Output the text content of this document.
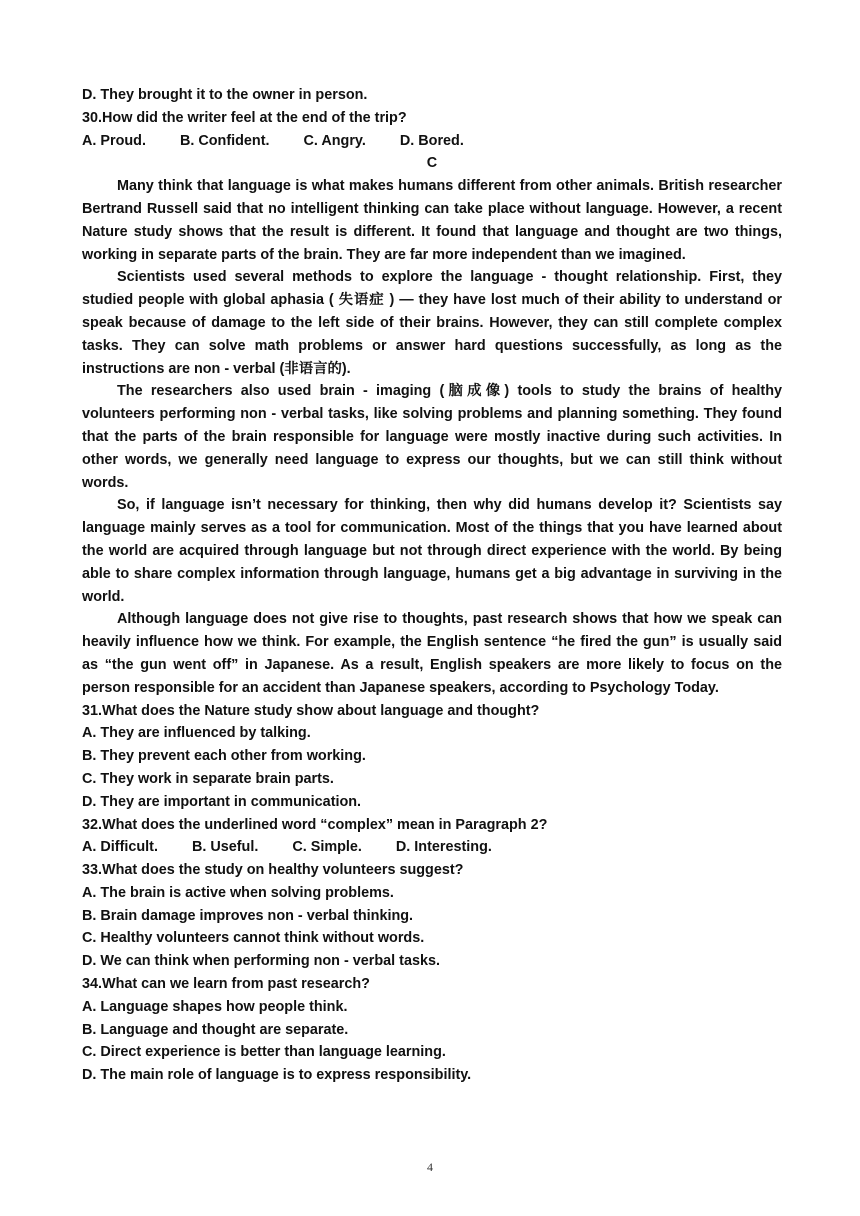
D. They brought it to the owner in person.
30.How did the writer feel at the end of the trip?
A. Proud. B. Confident. C. Angry. D. Bored.
C
Many think that language is what makes humans different from other animals. British researcher Bertrand Russell said that no intelligent thinking can take place without language. However, a recent Nature study shows that the result is different. It found that language and thought are two things, working in separate parts of the brain. They are far more independent than we imagined.
Scientists used several methods to explore the language - thought relationship. First, they studied people with global aphasia ( 失语症 ) — they have lost much of their ability to understand or speak because of damage to the left side of their brains. However, they can still complete complex tasks. They can solve math problems or answer hard questions successfully, as long as the instructions are non - verbal (非语言的).
The researchers also used brain - imaging (脑成像) tools to study the brains of healthy volunteers performing non - verbal tasks, like solving problems and planning something. They found that the parts of the brain responsible for language were mostly inactive during such activities. In other words, we generally need language to express our thoughts, but we can still think without words.
So, if language isn’t necessary for thinking, then why did humans develop it? Scientists say language mainly serves as a tool for communication. Most of the things that you have learned about the world are acquired through language but not through direct experience with the world. By being able to share complex information through language, humans get a big advantage in surviving in the world.
Although language does not give rise to thoughts, past research shows that how we speak can heavily influence how we think. For example, the English sentence “he fired the gun” is usually said as “the gun went off” in Japanese. As a result, English speakers are more likely to focus on the person responsible for an accident than Japanese speakers, according to Psychology Today.
31.What does the Nature study show about language and thought?
A. They are influenced by talking.
B. They prevent each other from working.
C. They work in separate brain parts.
D. They are important in communication.
32.What does the underlined word “complex” mean in Paragraph 2?
A. Difficult. B. Useful. C. Simple. D. Interesting.
33.What does the study on healthy volunteers suggest?
A. The brain is active when solving problems.
B. Brain damage improves non - verbal thinking.
C. Healthy volunteers cannot think without words.
D. We can think when performing non - verbal tasks.
34.What can we learn from past research?
A. Language shapes how people think.
B. Language and thought are separate.
C. Direct experience is better than language learning.
D. The main role of language is to express responsibility.
4
